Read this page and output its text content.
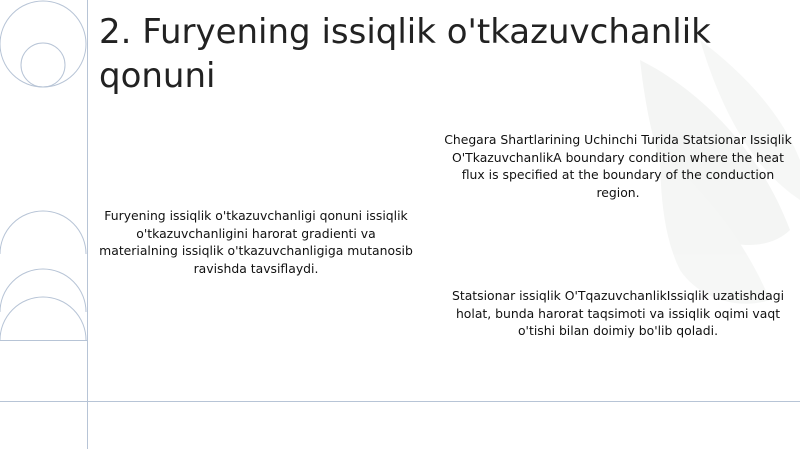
2. Furyening issiqlik o'tkazuvchanlik qonuni

Furyening issiqlik o'tkazuvchanligi qonuni issiqlik o'tkazuvchanligini harorat gradienti va materialning issiqlik o'tkazuvchanligiga mutanosib ravishda tavsiflaydi.

Chegara Shartlarining Uchinchi Turida Statsionar Issiqlik O'TkazuvchanlikA boundary condition where the heat flux is specified at the boundary of the conduction region.

Statsionar issiqlik O'TqazuvchanlikIssiqlik uzatishdagi holat, bunda harorat taqsimoti va issiqlik oqimi vaqt o'tishi bilan doimiy bo'lib qoladi.
